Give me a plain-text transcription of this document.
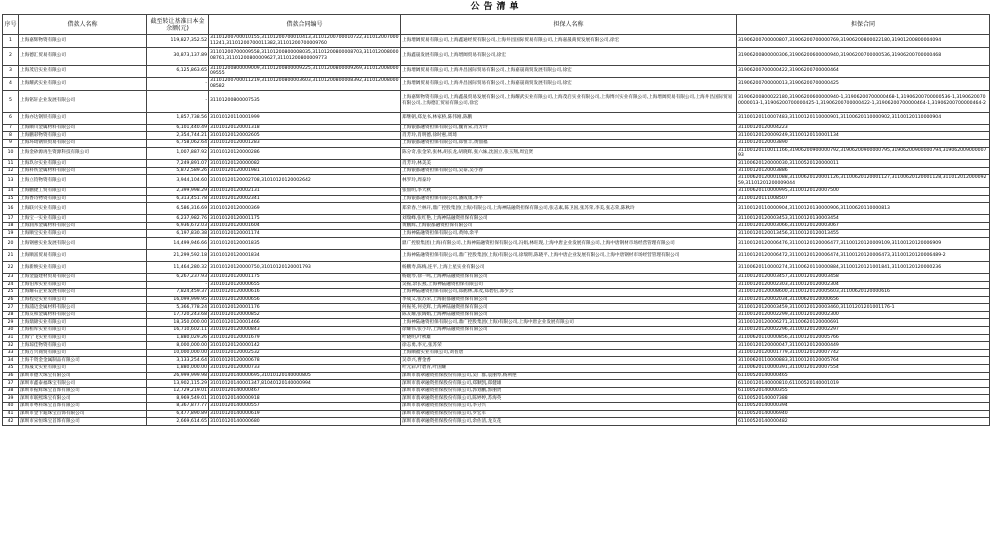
公告清单
序号	借款人名称	截至转让基准日本金余额(元)	借款合同编号	担保人名称	担保合同
1	上海嘉辉物资有限公司	119,827,352.52	31101200700010155,31101200700010413,31101200700010722,31101200700011241,31101200700011382,31101200700009760	上海增阔贸易有限公司,上海鑫通经贸有限公司,上海井昌国际贸易有限公司,上海嘉晟商贸发展有限公司,徐宏	31906200700000807,31906200700000769,31906200800022180,31901200800004094
2	上海德汇贸易有限公司	30,873,137.89	31101200700009558,31101200800008035,31101200800008703,31101200800008761,31101200800009627,31101200800009773	上海鑫晟发展有限公司,上海增阔贸易有限公司,徐宏	31906200800000306,31906200600000940,31906200700000536,31906200700000468
3	上海茂启实业有限公司	6,125,863.65	31101200800009009,31101200800009225,31101200800009269,31101200800009555	上海增阔贸易有限公司,上海井昌国际贸易有限公司,上海嘉晟商贸发展有限公司,徐宏	31906200700000422,31906200700000464
4	上海耀武实业有限公司	-	31101200700011219,31101200800003603,31101200800008392,31101200800008582	上海增阔贸易有限公司,上海井昌国际贸易有限公司,上海嘉晟商贸发展有限公司,徐宏	31906200700000013,31906200700000425
5	上海铭轩企业发展有限公司	-	31101200800007535	上海嘉辉物资有限公司,上海鑫晟贸易发展有限公司,上海耀武实业有限公司,上海茂启实业有限公司,上海博兴实业有限公司,上海增阔贸易有限公司,上海井昌国际贸易有限公司,上海德汇贸易有限公司,徐宏	31906200800022180,31906200600000940-1,31906200700000468-1,31906200700000536-1,31906200700000013-1,31906200700000425-1,31906200700000422-1,31906200700000464-1,31906200700000464-2
6	上海亦达钢铁有限公司	1,857,738.56	31010120110001999	郑继朝,郑龙书,林家桥,陈伟刚,陈鹏	31100120110007483,31100120110000901,31100620110000902,31100120110000904
7	上海顺川金属材料有限公司	6,101,440.49	31010120120001318	上海银都融资担保有限公司,魏青宋,肖芳玲	31100120120004223
8	上海鹏彩物资有限公司	2,354,744.21	31010120120002605	肖芳玲,肖明德,徐时惠,周琦	31100120120009249,31100120110001134
9	上海环琦钢铁贸易有限公司	6,758,062.64	31010120120001283	上海银都融资担保有限公司,郑恒丰,黄仙福	31100120120003890
10	上海金砂源再生资源科技有限公司	1,007,887.92	31010120120000286	陈分奇,张金荣,张林,胡长龙,胡晓辉,张六妹,沈国立,张玉翔,周宜贤	31100120110011166,31906200900000792,31906200900000795,31906200900000794,31906200900000793
11	上海玖尔实业有限公司	7,249,891.07	31010120120000082	肖芳玲,林美美	31100620120000030,31100520120000011
12	上海科铁金属材料有限公司	5,872,589.26	31010120120001981	上海银都融资担保有限公司,吴泰,吴小春	31100120120003886
13	上海立钧物资有限公司	3,944,104.60	31010120120002708,31010120120002642	林罗玲,周泰玲	31100620120001088,31100620120001126,31100620120001127,31100620120001128,31101201200009259,31101201200009044
14	上海鹏捷工贸有限公司	2,399,998.29	31010120120002131	张仙明,李大秋	31100620110000995,31100120120007500
15	上海香诗物资有限公司	6,313,451.78	31010120120002341	上海银都融资担保有限公司,潘成康,李平	31100120111008507
16	上海联兴实业有限公司	6,586,316.69	31010120120000369	郑荣春,兰林开,鼎广控股集团(上海)有限公司,上海神陆融资担保有限公司,张志素,陈卫国,张苏荣,李美,张志荣,陈秋玲	31100120110000904,31100120130000906,31100620110000813
17	上海宝一实业有限公司	6,237,982.76	31010120120001175	刘瑞峰,张红艳,上海神陆融资担保有限公司	31100120120003453,31100120130003454
18	上海润邦金属材料有限公司	6,936,672.03	31010120120001604	黄鹏辉,上海银都融资担保有限公司	31100120120003066,31100120120003067
19	上海顺宝实业有限公司	6,197,830.38	31010120120001174	上海神陆融资担保有限公司,黄帅,余平	31100120120013456,31100120120013455
20	上海钢惠实业发展有限公司	14,499,946.66	31010120120001835	鼎广控股集团(上海)有限公司,上海神陆融资担保有限公司,冯娟,林旺现,上海中唐企业发展有限公司,上海中唐钢材市场经营管理有限公司	31100120120006476,31100120120006477,31100120120009109,31100120120006909
21	上海顺富贸易有限公司	21,299,592.18	31010120120001834	上海神陆融资担保有限公司,鼎广控股集团(上海)有限公司,徐瑞明,陈晓平,上海中唐企业发展有限公司,上海中唐钢材市场经营管理有限公司	31100120120006472,31100120120006474,31100120120006473,31100120120006489-2
22	上海新焕实业有限公司	11,464,280.32	31010120120000750,31010120120001793	杨鹏寿,陈梅,连平,上海上星实业有限公司	31100620110000274,31100620110000884,31100120121001841,31100120120000236
23	上海金盛建材贸易有限公司	6,267,237.93	31010120120001175	杨媛琴,徐一鸣,上海神陆融资担保有限公司	31100120120003457,31100120120003458
24	上海伯邦实业有限公司	-	31010120120000655	吴振,余长燕,上海神陆融资担保有限公司	31100120120002303,31100120120002304
25	上海耀石企业发展有限公司	7,824,459.37	31010120120000616	上海神陆融资担保有限公司,郑鹤林,郑茂,郑碧倍,郑少云	31100120120008600,31100120120005603,31100620120000616
26	上海程克实业有限公司	16,099,999.95	31010120120000656	李成义,张苏荣,上海银都融资担保有限公司	31100120120002034,31100620120000656
27	上海浦迈金属材料有限公司	5,366,778.24	31010120120001176	何振英,何克辉,上海神陆融资担保有限公司	31100120120003459,31100120120003460,31101201201001176-1
28	上海友和金属材料有限公司	17,720,243.68	31010120120000852	陈友耀,张陶娟,上海神陆融资担保有限公司	31100120120002299,31100120120002300
29	上海鼎锦实业有限公司	18,350,000.00	31010120120001466	上海神陆融资担保有限公司,鼎广控股集团(上海)有限公司,上海中唐企业发展有限公司	31100120120006271,31100620120000691
30	上海桓库实业有限公司	16,710,602.11	31010120120000843	徐耀伟,张小玲,上海神陆融资担保有限公司	31100120120002296,31100120120002297
31	上海宁飞实业有限公司	1,880,029.26	31010120120001679	叶晓明,叶秋雄	31100620110000856,31100120120005766
32	上海琼佳物资有限公司	8,000,000.00	31010120120000142	徐志勇,李元,张苏荣	31100120120000047,31100120120000449
33	上海万兴商贸有限公司	10,000,000.00	31010120120002532	上海顺福实业有限公司,刘普唐	31100120120001779,31100120120007742
34	上海千资金金属制品有限公司	3,133,254.64	31010120120000678	吴章兴,曹金香	31100620110000883,31100120120005764
35	上海晟文实业有限公司	1,880,000.00	31010120120000733	叶元彩,叶碧青,叶国耀	31100620110000391,31100120120007554
36	深圳市德大珠宝有限公司	26,999,999.98	31010120140000695,31010120140000805	深圳市翡翠融资担保股份有限公司,吴广群,袁丽琴,杨利艳	61100520140000465
37	深圳市鑫泰福珠宝有限公司	13,902,115.29	31010120140001347,81040120140000994	深圳市翡翠融资担保股份有限公司,郑顺凯,郑健雄	61100120140000810,61100520140001019
38	深圳市振辉珠宝首饰有限公司	12,729,219.01	31010120140000467	深圳市翡翠融资担保股份有限公司,郭划鹏,郭丽贤	61100520140000355
39	深圳市联熙珠宝有限公司	8,969,549.01	31010120140000918	深圳市翡翠融资担保股份有限公司,陈婷婷,苏海英	61100520140007388
40	深圳市粤科珠宝首饰有限公司	8,367,877.77	31010120140000557	深圳市翡翠融资担保股份有限公司,李分兴	61100520140000394
41	深圳市金卡迪珠宝首饰有限公司	6,477,890.89	31010120140000619	深圳市翡翠融资担保股份有限公司,罗宏军	61100520140006940
42	深圳市宋恒珠宝首饰有限公司	2,669,614.65	31010120140000680	深圳市翡翠融资担保股份有限公司,余佐清,龙友花	61100520140000482
